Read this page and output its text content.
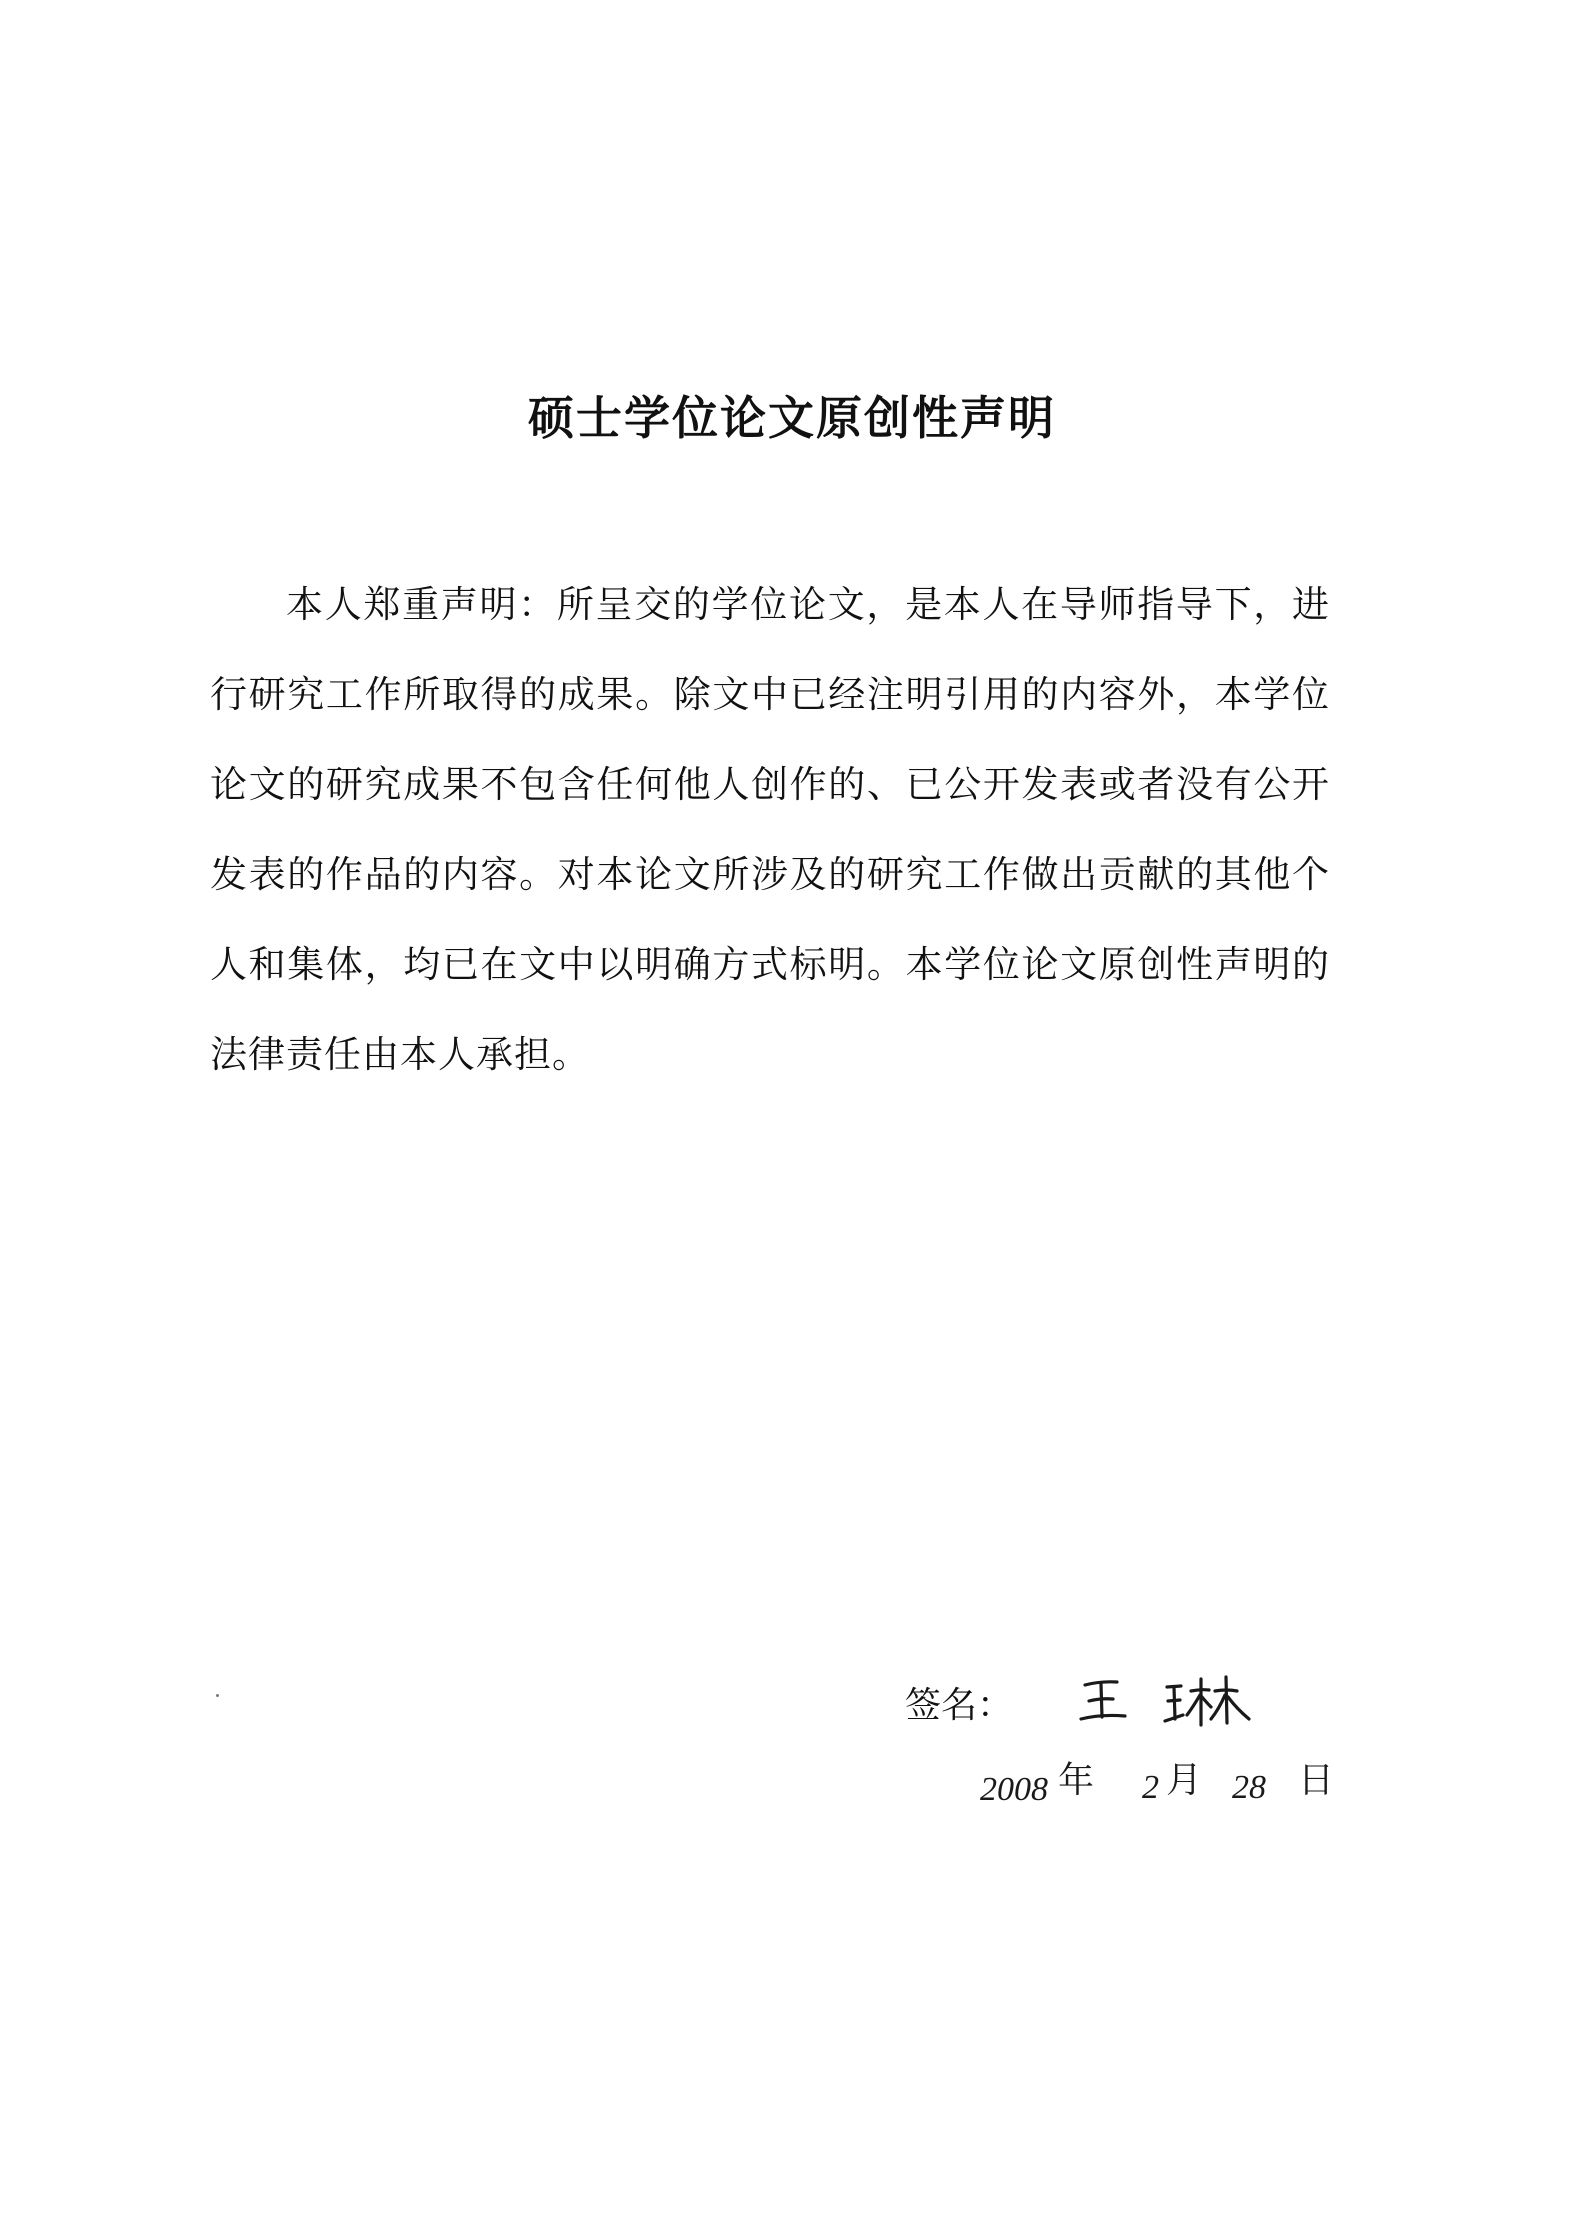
硕士学位论文原创性声明

本人郑重声明：所呈交的学位论文，是本人在导师指导下，进行研究工作所取得的成果。除文中已经注明引用的内容外，本学位论文的研究成果不包含任何他人创作的、已公开发表或者没有公开发表的作品的内容。对本论文所涉及的研究工作做出贡献的其他个人和集体，均已在文中以明确方式标明。本学位论文原创性声明的法律责任由本人承担。

签名：
2008 年 2 月 28 日
